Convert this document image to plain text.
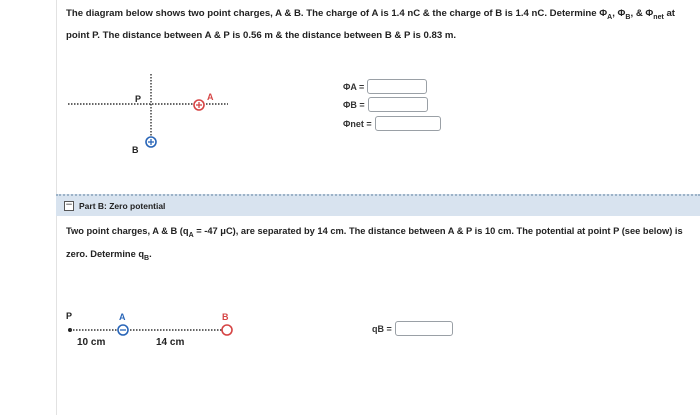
The diagram below shows two point charges, A & B. The charge of A is 1.4 nC & the charge of B is 1.4 nC. Determine $\Phi_A$, $\Phi_B$, & $\Phi_{net}$ at point P. The distance between A & P is 0.56 m & the distance between B & P is 0.83 m.
P	A
B
ΦA =
ΦB =
Φnet =
− Part B: Zero potential
Two point charges, A & B ($q_A = -47$ μC), are separated by 14 cm. The distance between A & P is 10 cm. The potential at point P (see below) is zero. Determine $q_B$.
P	A	B
10 cm	14 cm
qB =
